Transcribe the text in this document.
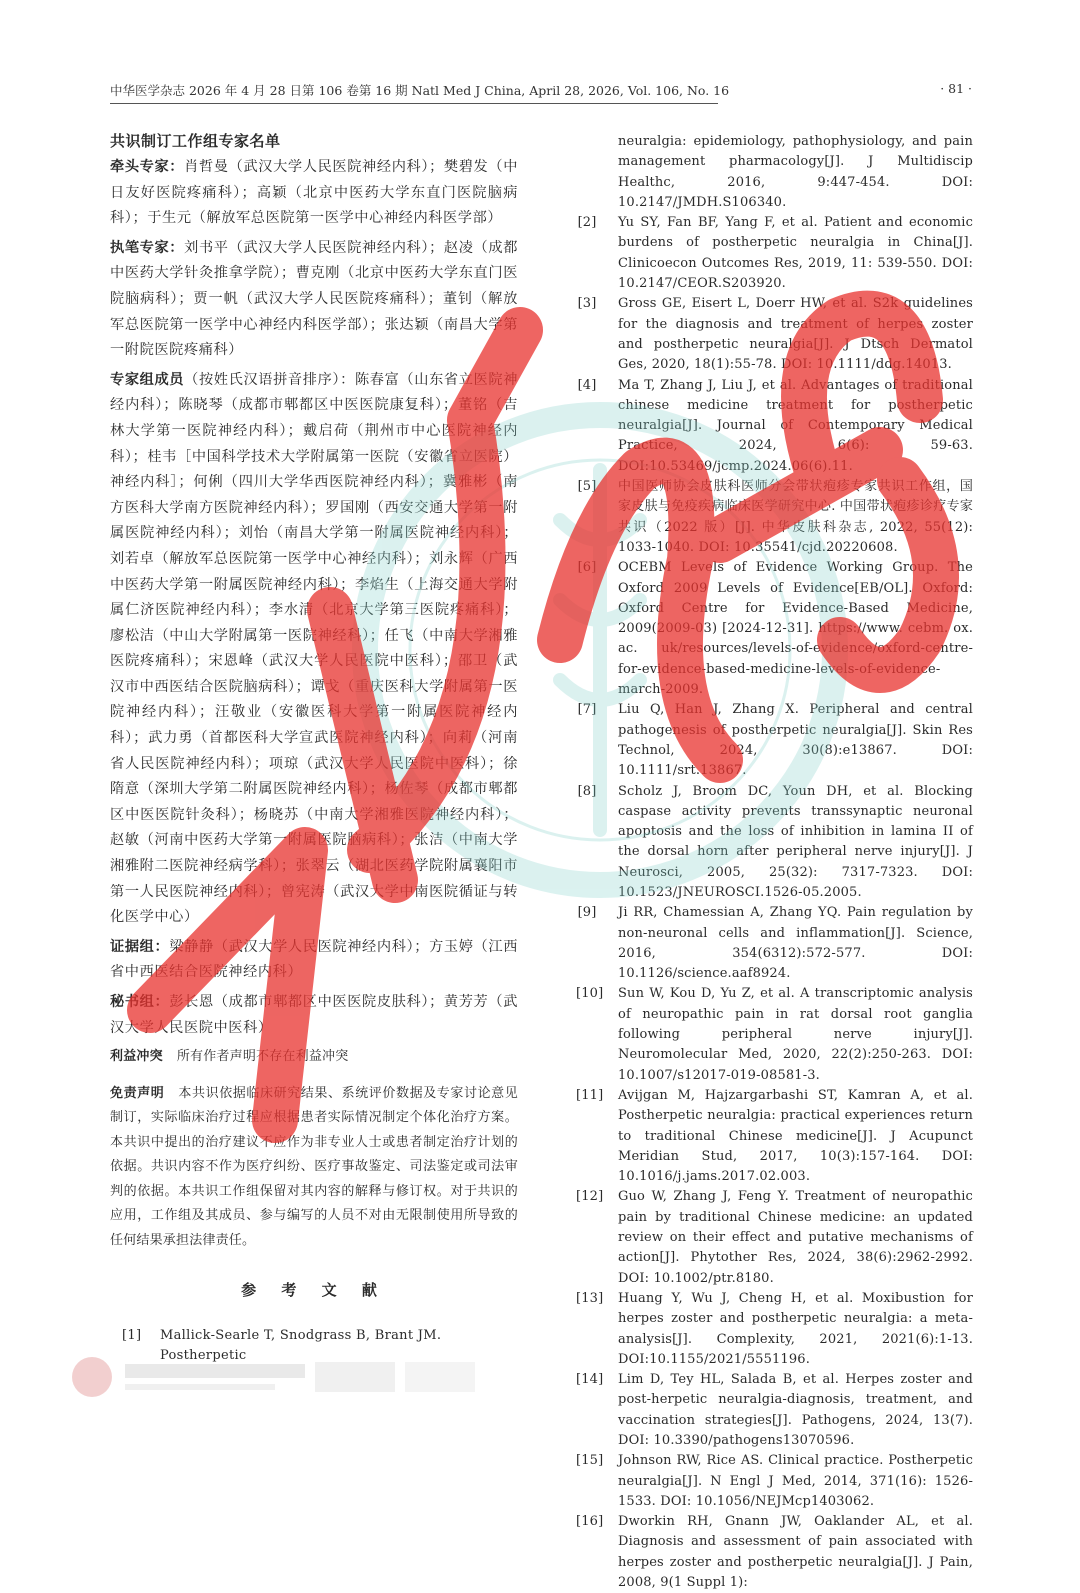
中华医学杂志 2026 年 4 月 28 日第 106 卷第 16 期 Natl Med J China, April 28, 2026, Vol. 106, No. 16	· 81 ·
共识制订工作组专家名单

牵头专家：肖哲曼（武汉大学人民医院神经内科）；樊碧发（中日友好医院疼痛科）；高颖（北京中医药大学东直门医院脑病科）；于生元（解放军总医院第一医学中心神经内科医学部）

执笔专家：刘书平（武汉大学人民医院神经内科）；赵凌（成都中医药大学针灸推拿学院）；曹克刚（北京中医药大学东直门医院脑病科）；贾一帆（武汉大学人民医院疼痛科）；董钊（解放军总医院第一医学中心神经内科医学部）；张达颖（南昌大学第一附院医院疼痛科）

专家组成员（按姓氏汉语拼音排序）：陈春富（山东省立医院神经内科）；陈晓琴（成都市郫都区中医医院康复科）；董铭（吉林大学第一医院神经内科）；戴启荷（荆州市中心医院神经内科）；桂韦［中国科学技术大学附属第一医院（安徽省立医院）神经内科］；何俐（四川大学华西医院神经内科）；冀雅彬（南方医科大学南方医院神经内科）；罗国刚（西安交通大学第一附属医院神经内科）；刘怡（南昌大学第一附属医院神经内科）；刘若卓（解放军总医院第一医学中心神经内科）；刘永辉（广西中医药大学第一附属医院神经内科）；李焰生（上海交通大学附属仁济医院神经内科）；李水清（北京大学第三医院疼痛科）；廖松洁（中山大学附属第一医院神经科）；任飞（中南大学湘雅医院疼痛科）；宋恩峰（武汉大学人民医院中医科）；邵卫（武汉市中西医结合医院脑病科）；谭戈（重庆医科大学附属第一医院神经内科）；汪敬业（安徽医科大学第一附属医院神经内科）；武力勇（首都医科大学宣武医院神经内科）；向莉（河南省人民医院神经内科）；项琼（武汉大学人民医院中医科）；徐隋意（深圳大学第二附属医院神经内科）；杨佐琴（成都市郫都区中医医院针灸科）；杨晓苏（中南大学湘雅医院神经内科）；赵敏（河南中医药大学第一附属医院脑病科）；张洁（中南大学湘雅附二医院神经病学科）；张翠云（湖北医药学院附属襄阳市第一人民医院神经内科）；曾宪涛（武汉大学中南医院循证与转化医学中心）

证据组：梁静静（武汉大学人民医院神经内科）；方玉婷（江西省中西医结合医院神经内科）

秘书组：彭长恩（成都市郫都区中医医院皮肤科）；黄芳芳（武汉大学人民医院中医科）

利益冲突 所有作者声明不存在利益冲突

免责声明 本共识依据临床研究结果、系统评价数据及专家讨论意见制订，实际临床治疗过程应根据患者实际情况制定个体化治疗方案。本共识中提出的治疗建议不应作为非专业人士或患者制定治疗计划的依据。共识内容不作为医疗纠纷、医疗事故鉴定、司法鉴定或司法审判的依据。本共识工作组保留对其内容的解释与修订权。对于共识的应用，工作组及其成员、参与编写的人员不对由无限制使用所导致的任何结果承担法律责任。

参 考 文 献
[1] Mallick-Searle T, Snodgrass B, Brant JM. Postherpetic
neuralgia: epidemiology, pathophysiology, and pain management pharmacology[J]. J Multidiscip Healthc, 2016, 9:447-454. DOI: 10.2147/JMDH.S106340.
[2] Yu SY, Fan BF, Yang F, et al. Patient and economic burdens of postherpetic neuralgia in China[J]. Clinicoecon Outcomes Res, 2019, 11: 539-550. DOI: 10.2147/CEOR.S203920.
[3] Gross GE, Eisert L, Doerr HW, et al. S2k guidelines for the diagnosis and treatment of herpes zoster and postherpetic neuralgia[J]. J Dtsch Dermatol Ges, 2020, 18(1):55-78. DOI: 10.1111/ddg.14013.
[4] Ma T, Zhang J, Liu J, et al. Advantages of traditional chinese medicine treatment for postherpetic neuralgia[J]. Journal of Contemporary Medical Practice, 2024, 6(6): 59-63. DOI:10.53469/jcmp.2024.06(6).11.
[5] 中国医师协会皮肤科医师分会带状疱疹专家共识工作组，国家皮肤与免疫疾病临床医学研究中心. 中国带状疱疹诊疗专家共识（2022 版）[J]. 中华皮肤科杂志, 2022, 55(12): 1033-1040. DOI: 10.35541/cjd.20220608.
[6] OCEBM Levels of Evidence Working Group. The Oxford 2009 Levels of Evidence[EB/OL]. Oxford: Oxford Centre for Evidence-Based Medicine, 2009(2009-03) [2024-12-31]. https://www. cebm. ox. ac. uk/resources/levels-of-evidence/oxford-centre-for-evidence-based-medicine-levels-of-evidence-march-2009.
[7] Liu Q, Han J, Zhang X. Peripheral and central pathogenesis of postherpetic neuralgia[J]. Skin Res Technol, 2024, 30(8):e13867. DOI: 10.1111/srt.13867.
[8] Scholz J, Broom DC, Youn DH, et al. Blocking caspase activity prevents transsynaptic neuronal apoptosis and the loss of inhibition in lamina II of the dorsal horn after peripheral nerve injury[J]. J Neurosci, 2005, 25(32): 7317-7323. DOI: 10.1523/JNEUROSCI.1526-05.2005.
[9] Ji RR, Chamessian A, Zhang YQ. Pain regulation by non-neuronal cells and inflammation[J]. Science, 2016, 354(6312):572-577. DOI: 10.1126/science.aaf8924.
[10] Sun W, Kou D, Yu Z, et al. A transcriptomic analysis of neuropathic pain in rat dorsal root ganglia following peripheral nerve injury[J]. Neuromolecular Med, 2020, 22(2):250-263. DOI: 10.1007/s12017-019-08581-3.
[11] Avijgan M, Hajzargarbashi ST, Kamran A, et al. Postherpetic neuralgia: practical experiences return to traditional Chinese medicine[J]. J Acupunct Meridian Stud, 2017, 10(3):157-164. DOI: 10.1016/j.jams.2017.02.003.
[12] Guo W, Zhang J, Feng Y. Treatment of neuropathic pain by traditional Chinese medicine: an updated review on their effect and putative mechanisms of action[J]. Phytother Res, 2024, 38(6):2962-2992. DOI: 10.1002/ptr.8180.
[13] Huang Y, Wu J, Cheng H, et al. Moxibustion for herpes zoster and postherpetic neuralgia: a meta-analysis[J]. Complexity, 2021, 2021(6):1-13. DOI:10.1155/2021/5551196.
[14] Lim D, Tey HL, Salada B, et al. Herpes zoster and post-herpetic neuralgia-diagnosis, treatment, and vaccination strategies[J]. Pathogens, 2024, 13(7). DOI: 10.3390/pathogens13070596.
[15] Johnson RW, Rice AS. Clinical practice. Postherpetic neuralgia[J]. N Engl J Med, 2014, 371(16): 1526-1533. DOI: 10.1056/NEJMcp1403062.
[16] Dworkin RH, Gnann JW, Oaklander AL, et al. Diagnosis and assessment of pain associated with herpes zoster and postherpetic neuralgia[J]. J Pain, 2008, 9(1 Suppl 1):
